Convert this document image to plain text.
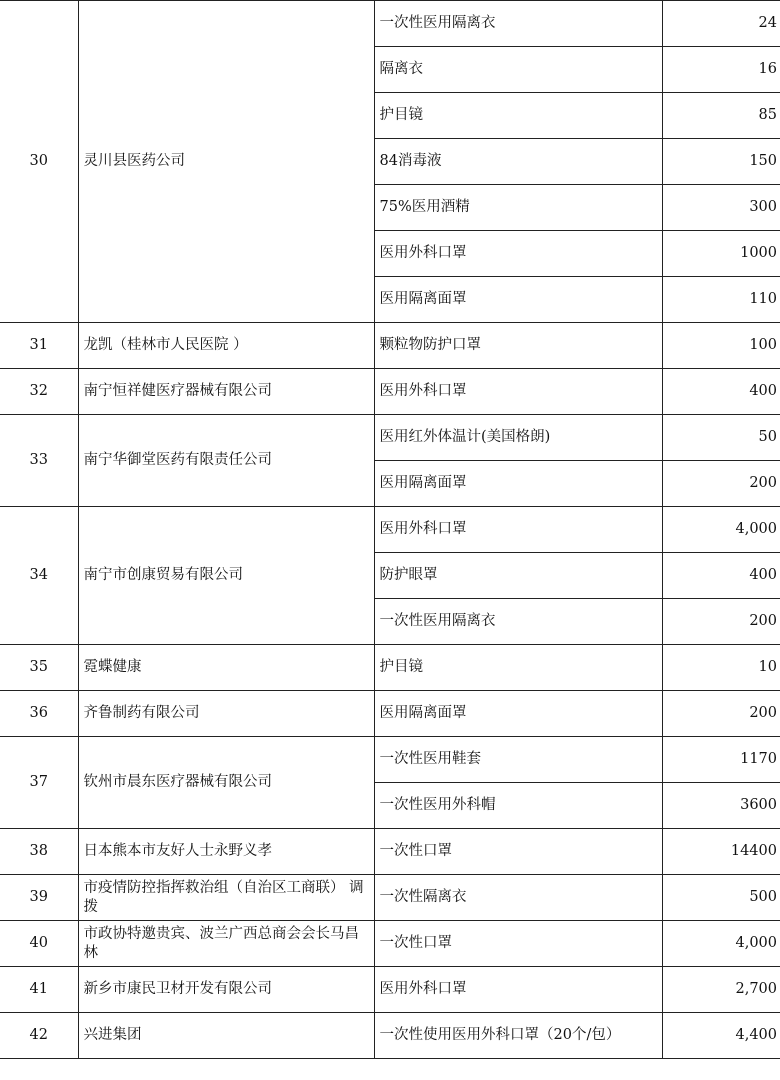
30	灵川县医药公司	一次性医用隔离衣	24
		隔离衣	16
		护目镜	85
		84消毒液	150
		75%医用酒精	300
		医用外科口罩	1000
		医用隔离面罩	110
31	龙凯（桂林市人民医院 ）	颗粒物防护口罩	100
32	南宁恒祥健医疗器械有限公司	医用外科口罩	400
33	南宁华御堂医药有限责任公司	医用红外体温计(美国格朗)	50
		医用隔离面罩	200
34	南宁市创康贸易有限公司	医用外科口罩	4,000
		防护眼罩	400
		一次性医用隔离衣	200
35	霓蝶健康	护目镜	10
36	齐鲁制药有限公司	医用隔离面罩	200
37	钦州市晨东医疗器械有限公司	一次性医用鞋套	1170
		一次性医用外科帽	3600
38	日本熊本市友好人士永野义孝	一次性口罩	14400
39	市疫情防控指挥救治组（自治区工商联） 调拨	一次性隔离衣	500
40	市政协特邀贵宾、波兰广西总商会会长马昌林	一次性口罩	4,000
41	新乡市康民卫材开发有限公司	医用外科口罩	2,700
42	兴进集团	一次性使用医用外科口罩（20个/包）	4,400
